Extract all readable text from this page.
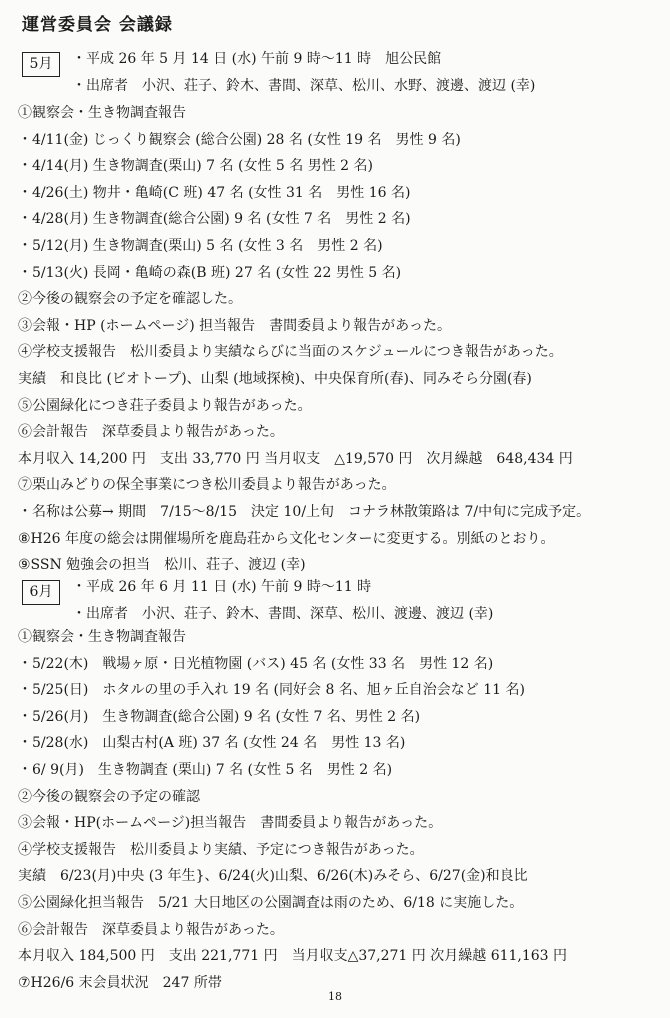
運営委員会 会議録
5月	・平成 26 年 5 月 14 日 (水) 午前 9 時〜11 時　旭公民館
・出席者　小沢、荘子、鈴木、書間、深草、松川、水野、渡邊、渡辺 (幸)
①観察会・生き物調査報告
・4/11(金) じっくり観察会 (総合公園) 28 名 (女性 19 名　男性 9 名)
・4/14(月) 生き物調査(栗山) 7 名 (女性 5 名 男性 2 名)
・4/26(土) 物井・亀崎(C 班) 47 名 (女性 31 名　男性 16 名)
・4/28(月) 生き物調査(総合公園) 9 名 (女性 7 名　男性 2 名)
・5/12(月) 生き物調査(栗山) 5 名 (女性 3 名　男性 2 名)
・5/13(火) 長岡・亀崎の森(B 班) 27 名 (女性 22 男性 5 名)
②今後の観察会の予定を確認した。
③会報・HP (ホームページ) 担当報告　書間委員より報告があった。
④学校支援報告　松川委員より実績ならびに当面のスケジュールにつき報告があった。
実績　和良比 (ビオトープ)、山梨 (地域探検)、中央保育所(春)、同みそら分園(春)
⑤公園緑化につき荘子委員より報告があった。
⑥会計報告　深草委員より報告があった。
本月収入 14,200 円　支出 33,770 円 当月収支　△19,570 円　次月繰越　648,434 円
⑦栗山みどりの保全事業につき松川委員より報告があった。
・名称は公募→ 期間　7/15〜8/15　決定 10/上旬　コナラ林散策路は 7/中旬に完成予定。
⑧H26 年度の総会は開催場所を鹿島荘から文化センターに変更する。別紙のとおり。
⑨SSN 勉強会の担当　松川、荘子、渡辺 (幸)
6月	・平成 26 年 6 月 11 日 (水) 午前 9 時〜11 時
・出席者　小沢、荘子、鈴木、書間、深草、松川、渡邊、渡辺 (幸)
①観察会・生き物調査報告
・5/22(木)　戦場ヶ原・日光植物園 (バス) 45 名 (女性 33 名　男性 12 名)
・5/25(日)　ホタルの里の手入れ 19 名 (同好会 8 名、旭ヶ丘自治会など 11 名)
・5/26(月)　生き物調査(総合公園) 9 名 (女性 7 名、男性 2 名)
・5/28(水)　山梨古村(A 班) 37 名 (女性 24 名　男性 13 名)
・6/ 9(月)　生き物調査 (栗山) 7 名 (女性 5 名　男性 2 名)
②今後の観察会の予定の確認
③会報・HP(ホームページ)担当報告　書間委員より報告があった。
④学校支援報告　松川委員より実績、予定につき報告があった。
実績　6/23(月)中央 (3 年生}、6/24(火)山梨、6/26(木)みそら、6/27(金)和良比
⑤公園緑化担当報告　5/21 大日地区の公園調査は雨のため、6/18 に実施した。
⑥会計報告　深草委員より報告があった。
本月収入 184,500 円　支出 221,771 円　当月収支△37,271 円 次月繰越 611,163 円
⑦H26/6 末会員状況　247 所帯
18
